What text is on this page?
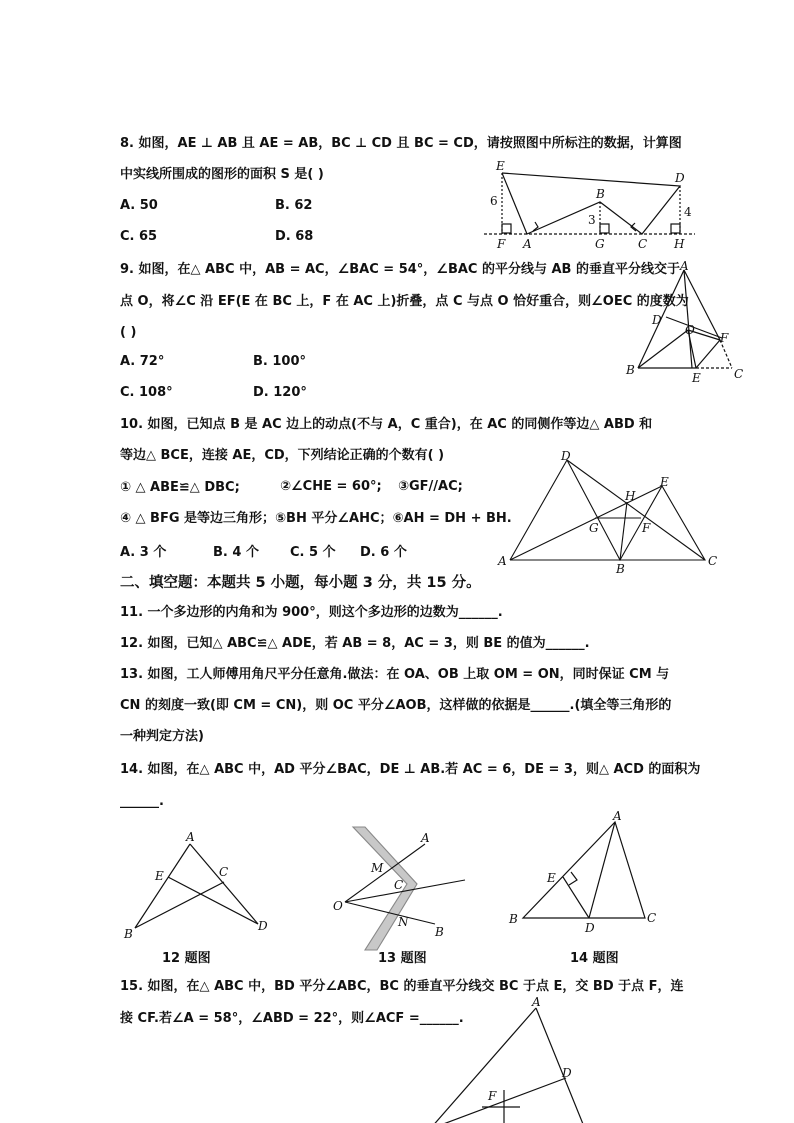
8. 如图，AE ⊥ AB 且 AE = AB，BC ⊥ CD 且 BC = CD，请按照图中所标注的数据，计算图
中实线所围成的图形的面积 S 是( )
A. 50	B. 62
C. 65	D. 68
E
D
B
6
3
4
F A	G	C H
9. 如图，在△ ABC 中，AB = AC，∠BAC = 54°，∠BAC 的平分线与 AB 的垂直平分线交于
点 O，将∠C 沿 EF(E 在 BC 上，F 在 AC 上)折叠，点 C 与点 O 恰好重合，则∠OEC 的度数为
( )
A. 72°	B. 100°
C. 108°	D. 120°
A
D
O
F
B
E	C
10. 如图，已知点 B 是 AC 边上的动点(不与 A，C 重合)，在 AC 的同侧作等边△ ABD 和
等边△ BCE，连接 AE，CD，下列结论正确的个数有( )
① △ ABE≌△ DBC;	②∠CHE = 60°; ③GF//AC;
④ △ BFG 是等边三角形；⑤BH 平分∠AHC；⑥AH = DH + BH.
A. 3 个	B. 4 个 C. 5 个 D. 6 个
D
E
H
G	F
A
B
C
二、填空题：本题共 5 小题，每小题 3 分，共 15 分。
11. 一个多边形的内角和为 900°，则这个多边形的边数为______.
12. 如图，已知△ ABC≌△ ADE，若 AB = 8，AC = 3，则 BE 的值为______.
13. 如图，工人师傅用角尺平分任意角.做法：在 OA、OB 上取 OM = ON，同时保证 CM 与
CN 的刻度一致(即 CM = CN)，则 OC 平分∠AOB，这样做的依据是______.(填全等三角形的
一种判定方法)
14. 如图，在△ ABC 中，AD 平分∠BAC，DE ⊥ AB.若 AC = 6，DE = 3，则△ ACD 的面积为
______.
A
C
E
B
D
12 题图
A
M
C
O
N
B
13 题图
A
E
B
D
C
14 题图
15. 如图，在△ ABC 中，BD 平分∠ABC，BC 的垂直平分线交 BC 于点 E，交 BD 于点 F，连
接 CF.若∠A = 58°，∠ABD = 22°，则∠ACF =______.
A
D
F
